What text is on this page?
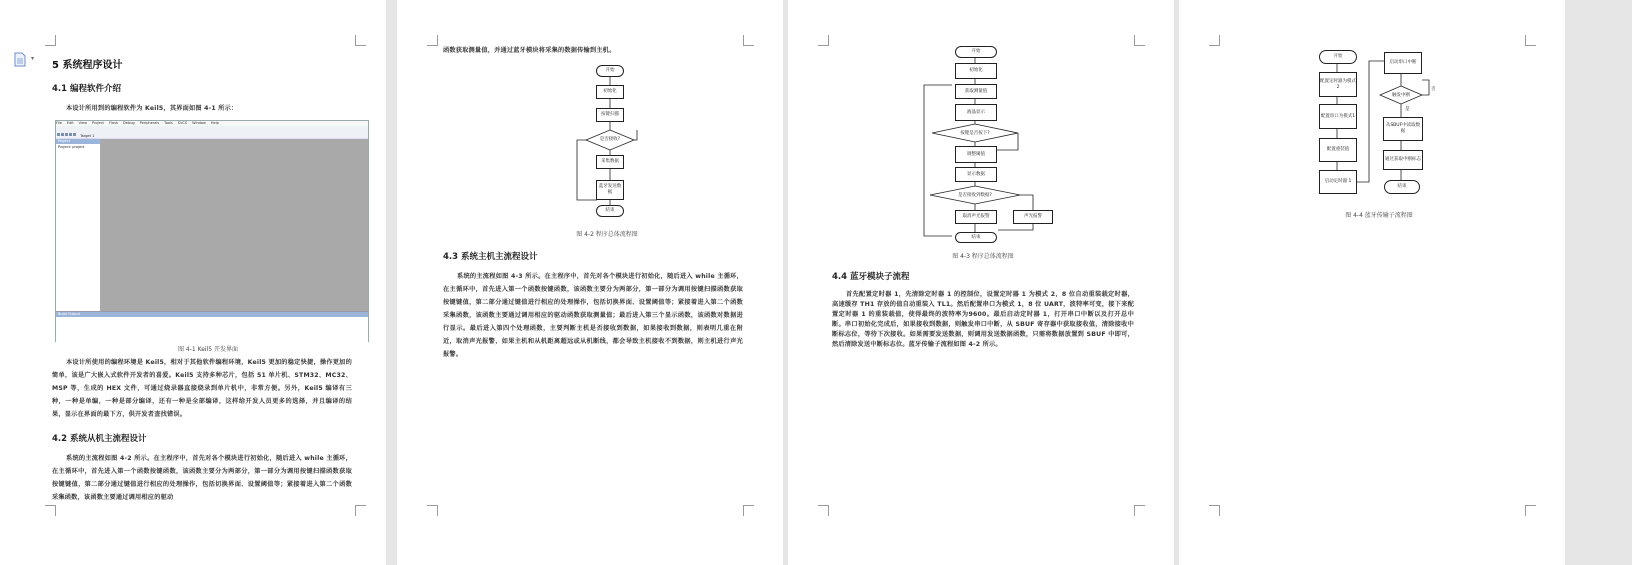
▾
5 系统程序设计
4.1 编程软件介绍
本设计所用到的编程软件为 Keil5，其界面如图 4-1 所示：
File Edit View Project Flash Debug Peripherals Tools SVCS Window Help
Target 1
Project
Project: project
Build Output
图 4-1 Keil5 开发界面
本设计所使用的编程环境是 Keil5，相对于其他软件编程环境，Keil5 更加的稳定快捷，操作更加的简单，该是广大嵌入式软件开发者的喜爱。Keil5 支持多种芯片，包括 51 单片机、STM32、MC32、MSP 等，生成的 HEX 文件，可通过烧录器直接烧录到单片机中，非常方便。另外，Keil5 编译有三种，一种是单编，一种是部分编译，还有一种是全部编译，这样给开发人员更多的选择，并且编译的结果，显示在界面的最下方，供开发者查找错误。
4.2 系统从机主流程设计
系统的主流程如图 4-2 所示。在主程序中，首先对各个模块进行初始化，随后进入 while 主循环，在主循环中，首先进入第一个函数按键函数，该函数主要分为两部分，第一部分为调用按键扫描函数获取按键键值，第二部分通过键值进行相应的处理操作，包括切换界面、设置阈值等；紧接着进入第二个函数采集函数，该函数主要通过调用相应的驱动
函数获取测量值，并通过蓝牙模块将采集的数据传输到主机。
开始
初始化
按键扫描
是否接收?
采集数据
蓝牙发送数据
结束
图 4-2 程序总体流程图
4.3 系统主机主流程设计
系统的主流程如图 4-3 所示。在主程序中，首先对各个模块进行初始化，随后进入 while 主循环，在主循环中，首先进入第一个函数按键函数，该函数主要分为两部分，第一部分为调用按键扫描函数获取按键键值，第二部分通过键值进行相应的处理操作，包括切换界面、设置阈值等；紧接着进入第二个函数采集函数，该函数主要通过调用相应的驱动函数获取测量值；最后进入第三个显示函数，该函数对数据进行显示。最后进入第四个处理函数，主要判断主机是否接收到数据，如果接收到数据，则表明几重在附近，取消声光报警，如果主机和从机距离超远或从机断线，都会导致主机接收不到数据，则主机进行声光报警。
开始
初始化
获取测量值
液晶显示
按键是否按下?
调整阈值
显示数据
是否接收到数据?
取消声光报警	声光报警
结束
图 4-3 程序总体流程图
4.4 蓝牙模块子流程
首先配置定时器 1，先清除定时器 1 的控制位，设置定时器 1 为模式 2，8 位自动重装载定时器，高速缓存 TH1 存放的值自动重装入 TL1。然后配置串口为模式 1，8 位 UART，波特率可变，接下来配置定时器 1 的重装载值，使得最终的波特率为9600。最后启动定时器 1，打开串口中断以及打开总中断。串口初始化完成后，如果接收到数据，则触发串口中断，从 SBUF 寄存器中获取接收值，清除接收中断标志位，等待下次接收。如果需要发送数据，则调用发送数据函数，只需将数据放置到 SBUF 中即可，然后清除发送中断标志位。蓝牙传输子流程如图 4-2 所示。
开始
配置定时器为模式 2
配置串口为模式1
配置重装值
启动定时器 1
启动串口中断
触发中断
是
否
从SBUF中读取数据
通过获取中断标志
结束
图 4-4 蓝牙传输子流程图
